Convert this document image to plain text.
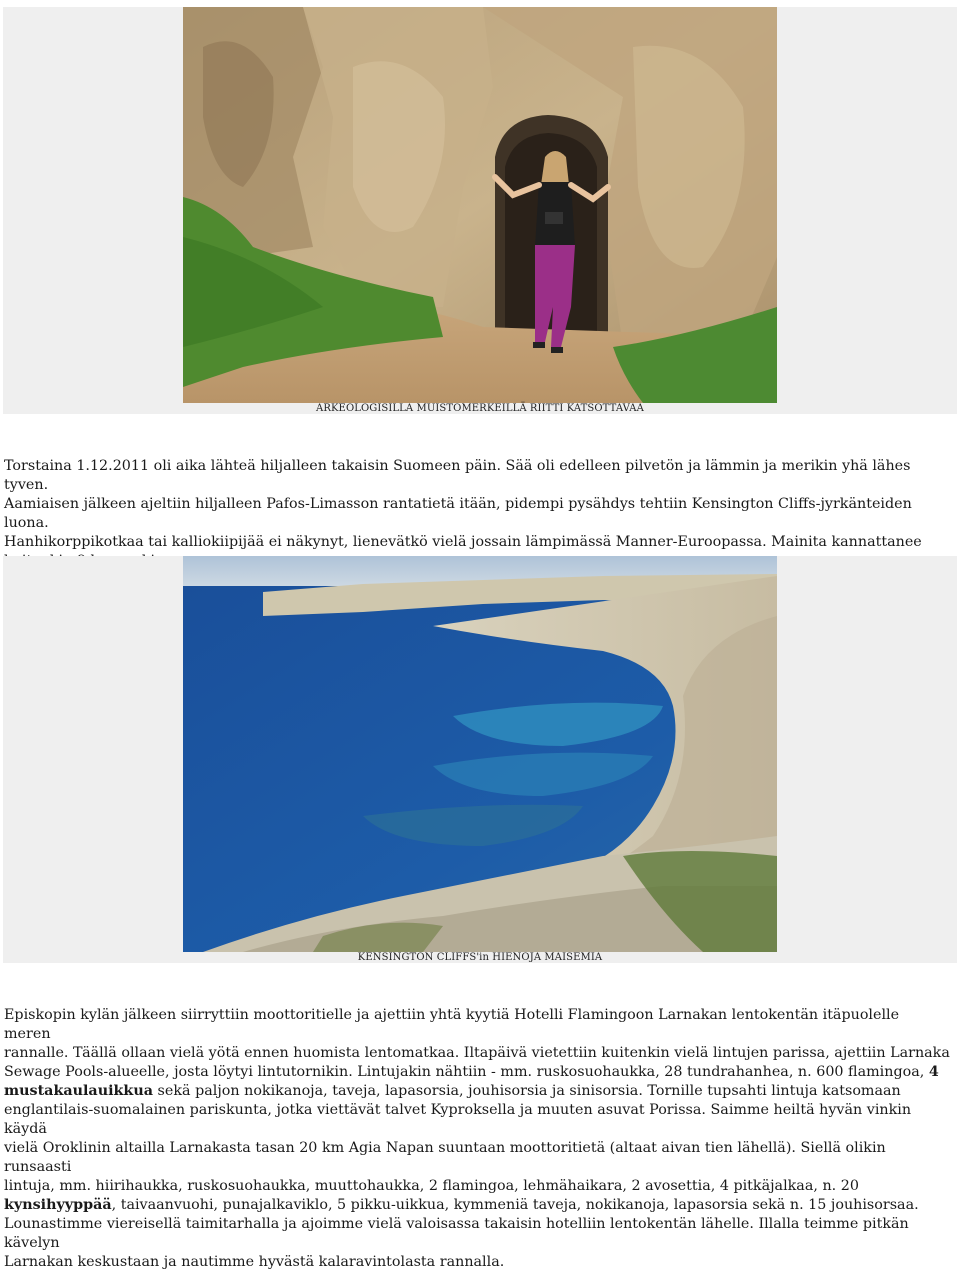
ARKEOLOGISILLA MUISTOMERKEILLÄ RIITTI KATSOTTAVAA
Torstaina 1.12.2011 oli aika lähteä hiljalleen takaisin Suomeen päin. Sää oli edelleen pilvetön ja lämmin ja merikin yhä lähes tyven.
Aamiaisen jälkeen ajeltiin hiljalleen Pafos-Limasson rantatietä itään, pidempi pysähdys tehtiin Kensington Cliffs-jyrkänteiden luona.
Hanhikorppikotkaa tai kalliokiipijää ei näkynyt, lienevätkö vielä jossain lämpimässä Manner-Euroopassa. Mainita kannattanee
KENSINGTON CLIFFS'in HIENOJA MAISEMIA
Episkopin kylän jälkeen siirryttiin moottoritielle ja ajettiin yhtä kyytiä Hotelli Flamingoon Larnakan lentokentän itäpuolelle meren
rannalle. Täällä ollaan vielä yötä ennen huomista lentomatkaa. Iltapäivä vietettiin kuitenkin vielä lintujen parissa, ajettiin Larnaka
Sewage Pools-alueelle, josta löytyi lintutornikin. Lintujakin nähtiin - mm. ruskosuohaukka, 28 tundrahanhea, n. 600 flamingoa, 4
mustakaulauikkua sekä paljon nokikanoja, taveja, lapasorsia, jouhisorsia ja sinisorsia. Tornille tupsahti lintuja katsomaan
englantilais-suomalainen pariskunta, jotka viettävät talvet Kyproksella ja muuten asuvat Porissa. Saimme heiltä hyvän vinkin käydä
vielä Oroklinin altailla Larnakasta tasan 20 km Agia Napan suuntaan moottoritietä (altaat aivan tien lähellä). Siellä olikin runsaasti
lintuja, mm. hiirihaukka, ruskosuohaukka, muuttohaukka, 2 flamingoa, lehmähaikara, 2 avosettia, 4 pitkäjalkaa, n. 20
kynsihyyppää, taivaanvuohi, punajalkaviklo, 5 pikku-uikkua, kymmeniä taveja, nokikanoja, lapasorsia sekä n. 15 jouhisorsaa.
Lounastimme viereisellä taimitarhalla ja ajoimme vielä valoisassa takaisin hotelliin lentokentän lähelle. Illalla teimme pitkän kävelyn
Larnakan keskustaan ja nautimme hyvästä kalaravintolasta rannalla.
